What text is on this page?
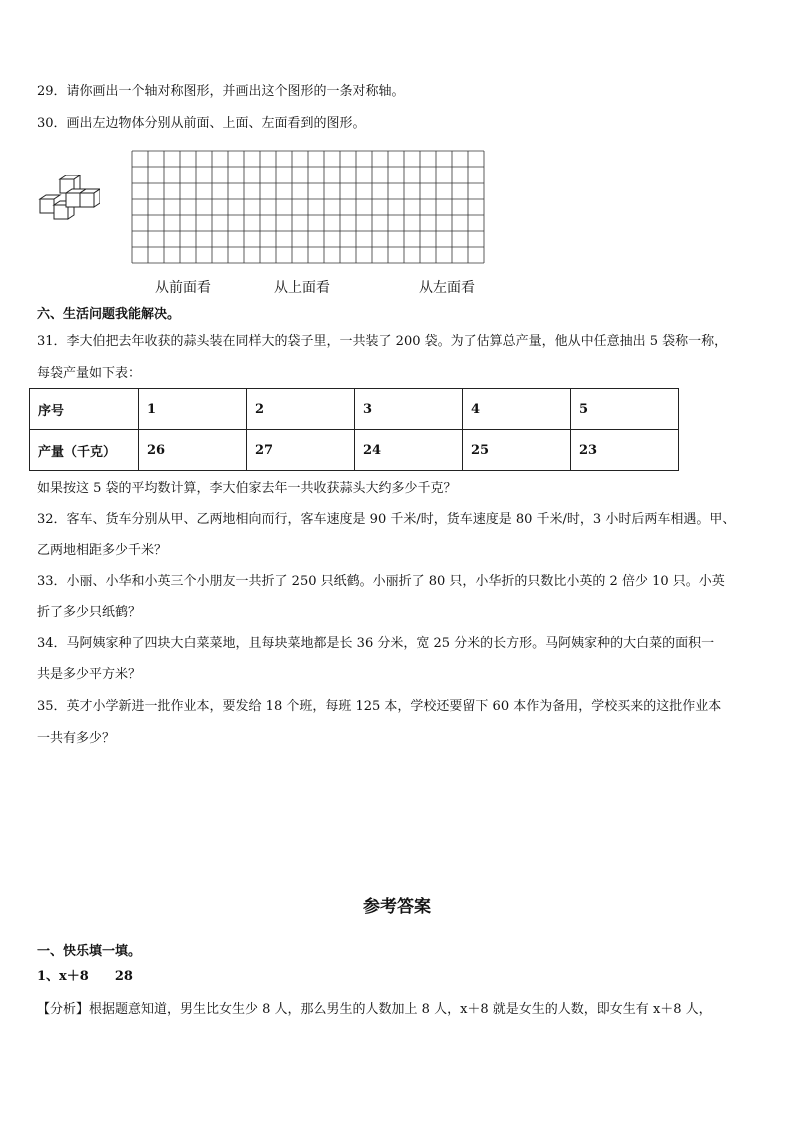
29．请你画出一个轴对称图形，并画出这个图形的一条对称轴。
30．画出左边物体分别从前面、上面、左面看到的图形。
从前面看	从上面看	从左面看
六、生活问题我能解决。
31．李大伯把去年收获的蒜头装在同样大的袋子里，一共装了 200 袋。为了估算总产量，他从中任意抽出 5 袋称一称，
每袋产量如下表：
序号	1	2	3	4	5
产量（千克）	26	27	24	25	23
如果按这 5 袋的平均数计算，李大伯家去年一共收获蒜头大约多少千克？
32．客车、货车分别从甲、乙两地相向而行，客车速度是 90 千米/时，货车速度是 80 千米/时，3 小时后两车相遇。甲、
乙两地相距多少千米？
33．小丽、小华和小英三个小朋友一共折了 250 只纸鹤。小丽折了 80 只，小华折的只数比小英的 2 倍少 10 只。小英
折了多少只纸鹤？
34．马阿姨家种了四块大白菜菜地，且每块菜地都是长 36 分米，宽 25 分米的长方形。马阿姨家种的大白菜的面积一
共是多少平方米？
35．英才小学新进一批作业本，要发给 18 个班，每班 125 本，学校还要留下 60 本作为备用，学校买来的这批作业本
一共有多少？
参考答案
一、快乐填一填。
1、x＋8　　28
【分析】根据题意知道，男生比女生少 8 人，那么男生的人数加上 8 人，x＋8 就是女生的人数，即女生有 x＋8 人，
